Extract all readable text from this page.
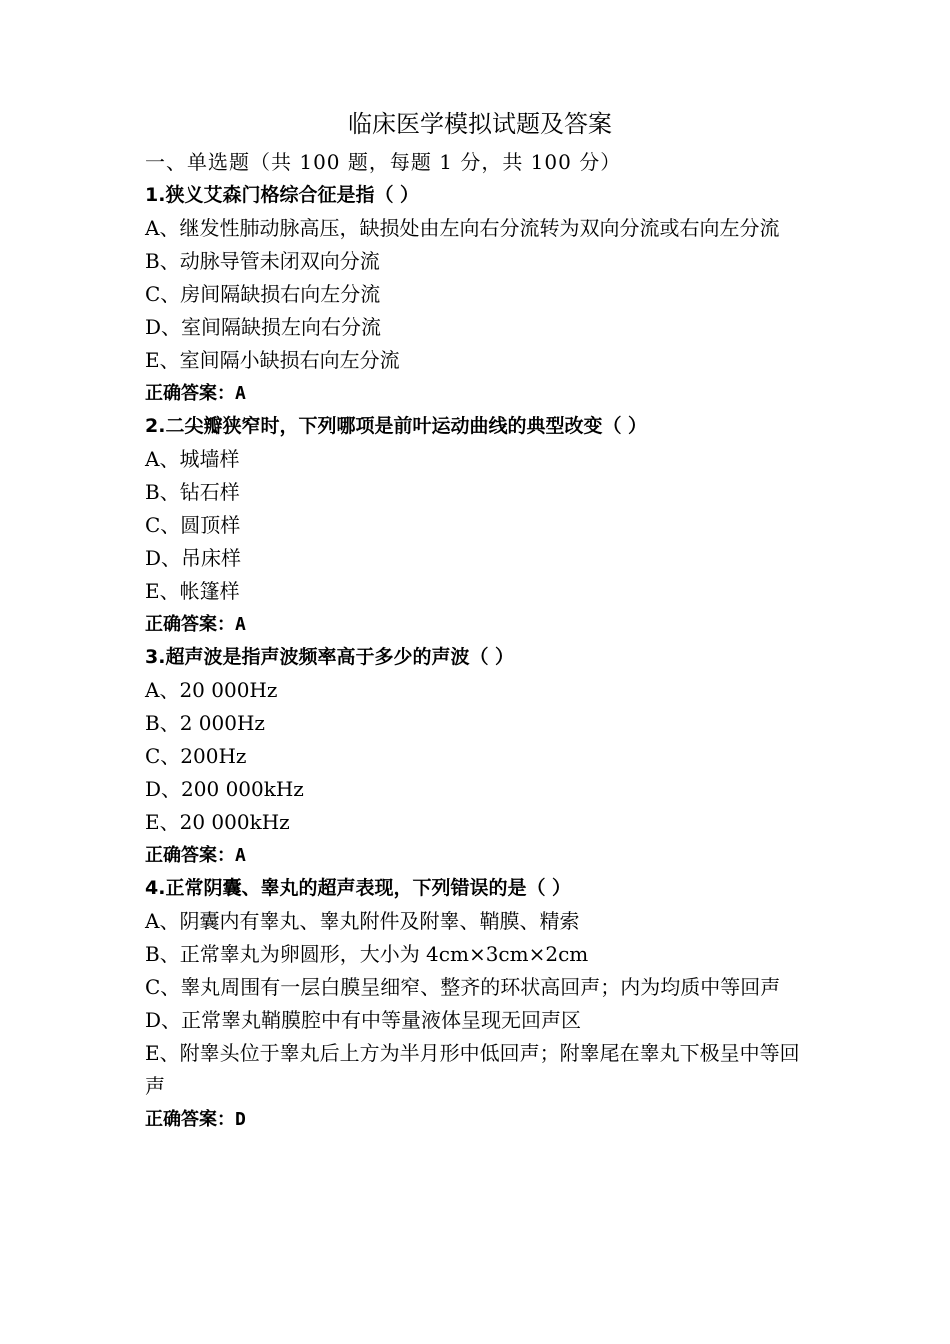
临床医学模拟试题及答案

一、单选题（共 100 题，每题 1 分，共 100 分）

1.狭义艾森门格综合征是指（ ）

A、继发性肺动脉高压，缺损处由左向右分流转为双向分流或右向左分流

B、动脉导管未闭双向分流

C、房间隔缺损右向左分流

D、室间隔缺损左向右分流

E、室间隔小缺损右向左分流

正确答案：A

2.二尖瓣狭窄时，下列哪项是前叶运动曲线的典型改变（ ）

A、城墙样

B、钻石样

C、圆顶样

D、吊床样

E、帐篷样

正确答案：A

3.超声波是指声波频率高于多少的声波（ ）

A、20 000Hz

B、2 000Hz

C、200Hz

D、200 000kHz

E、20 000kHz

正确答案：A

4.正常阴囊、睾丸的超声表现，下列错误的是（ ）

A、阴囊内有睾丸、睾丸附件及附睾、鞘膜、精索

B、正常睾丸为卵圆形，大小为 4cm×3cm×2cm

C、睾丸周围有一层白膜呈细窄、整齐的环状高回声；内为均质中等回声

D、正常睾丸鞘膜腔中有中等量液体呈现无回声区

E、附睾头位于睾丸后上方为半月形中低回声；附睾尾在睾丸下极呈中等回声

正确答案：D
